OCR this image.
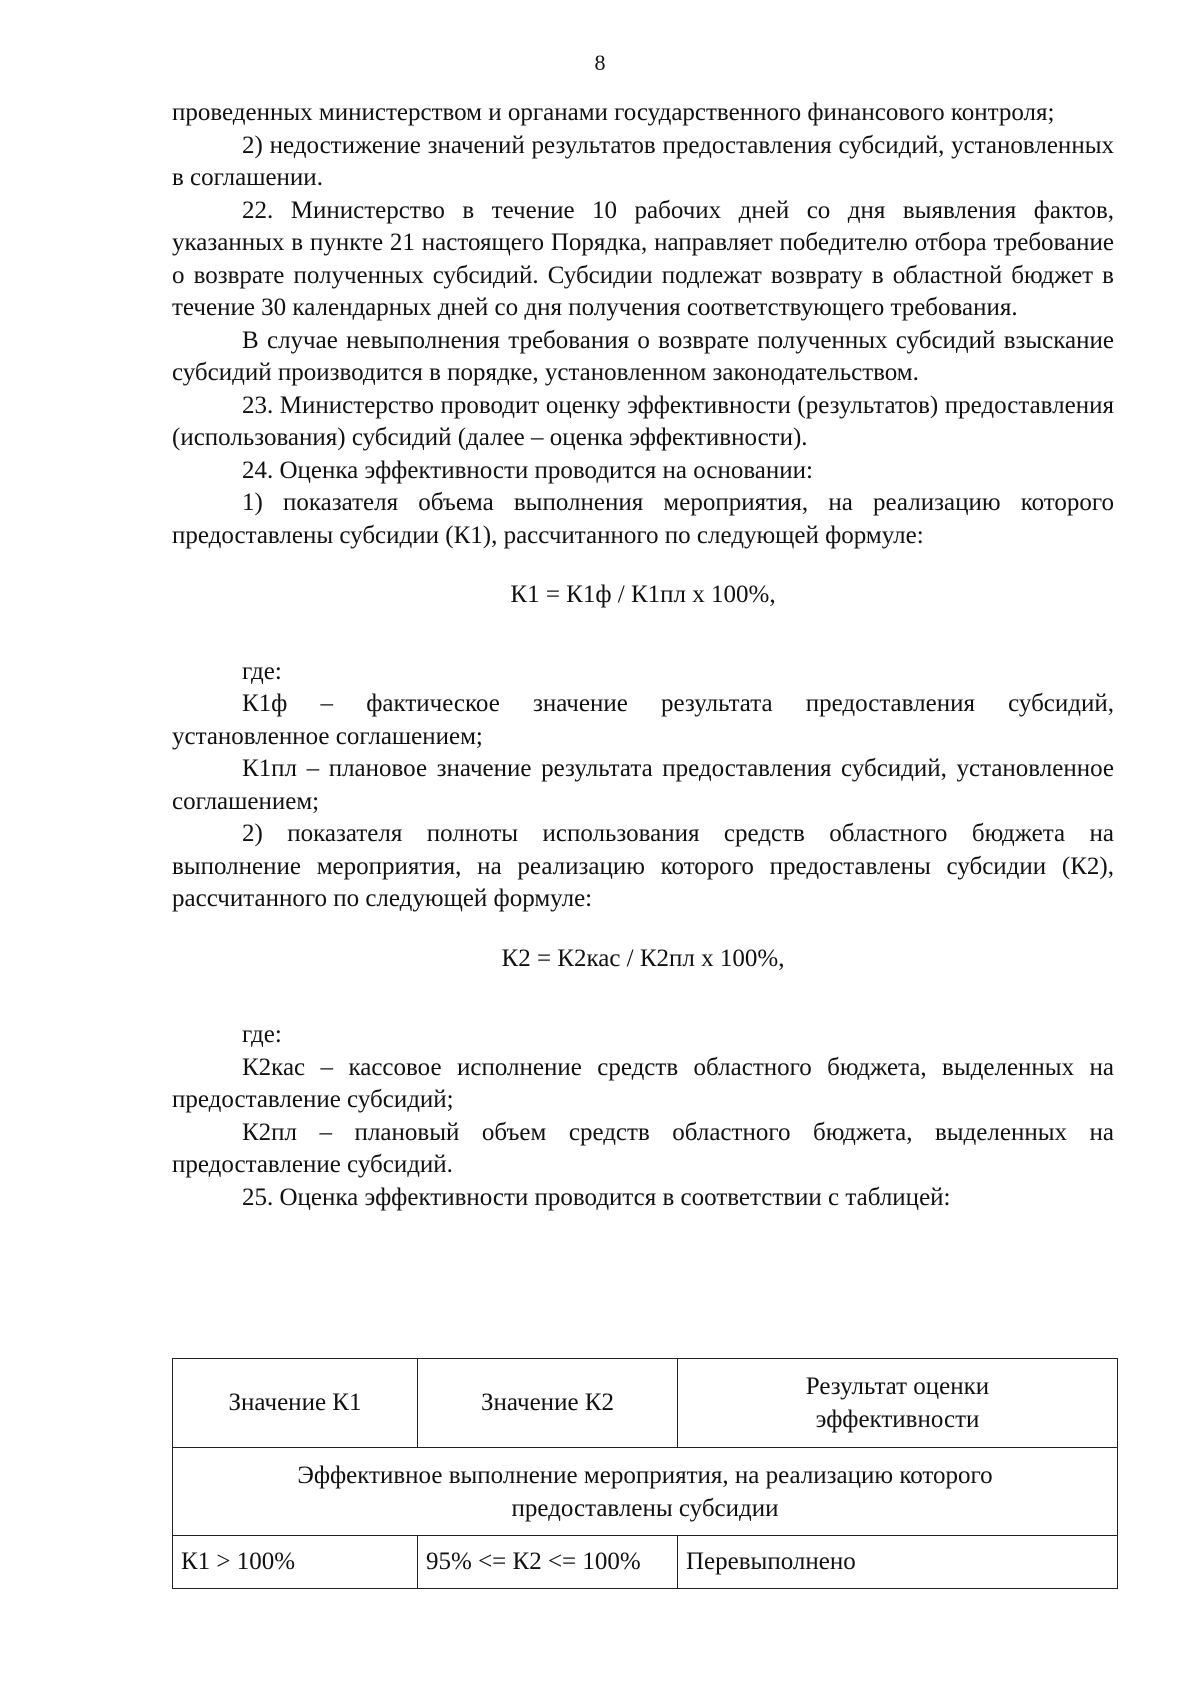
8

проведенных министерством и органами государственного финансового контроля;

2) недостижение значений результатов предоставления субсидий, установленных в соглашении.

22. Министерство в течение 10 рабочих дней со дня выявления фактов, указанных в пункте 21 настоящего Порядка, направляет победителю отбора требование о возврате полученных субсидий. Субсидии подлежат возврату в областной бюджет в течение 30 календарных дней со дня получения соответствующего требования.

В случае невыполнения требования о возврате полученных субсидий взыскание субсидий производится в порядке, установленном законодательством.

23. Министерство проводит оценку эффективности (результатов) предоставления (использования) субсидий (далее – оценка эффективности).

24. Оценка эффективности проводится на основании:

1) показателя объема выполнения мероприятия, на реализацию которого предоставлены субсидии (К1), рассчитанного по следующей формуле:

К1 = К1ф / К1пл х 100%,

где:

К1ф – фактическое значение результата предоставления субсидий, установленное соглашением;

К1пл – плановое значение результата предоставления субсидий, установленное соглашением;

2) показателя полноты использования средств областного бюджета на выполнение мероприятия, на реализацию которого предоставлены субсидии (К2), рассчитанного по следующей формуле:

К2 = К2кас / К2пл х 100%,

где:

К2кас – кассовое исполнение средств областного бюджета, выделенных на предоставление субсидий;

К2пл – плановый объем средств областного бюджета, выделенных на предоставление субсидий.

25. Оценка эффективности проводится в соответствии с таблицей:

Значение К1	Значение К2	Результат оценки эффективности

Эффективное выполнение мероприятия, на реализацию которого предоставлены субсидии		

К1 > 100%	95% <= К2 <= 100%	Перевыполнено
